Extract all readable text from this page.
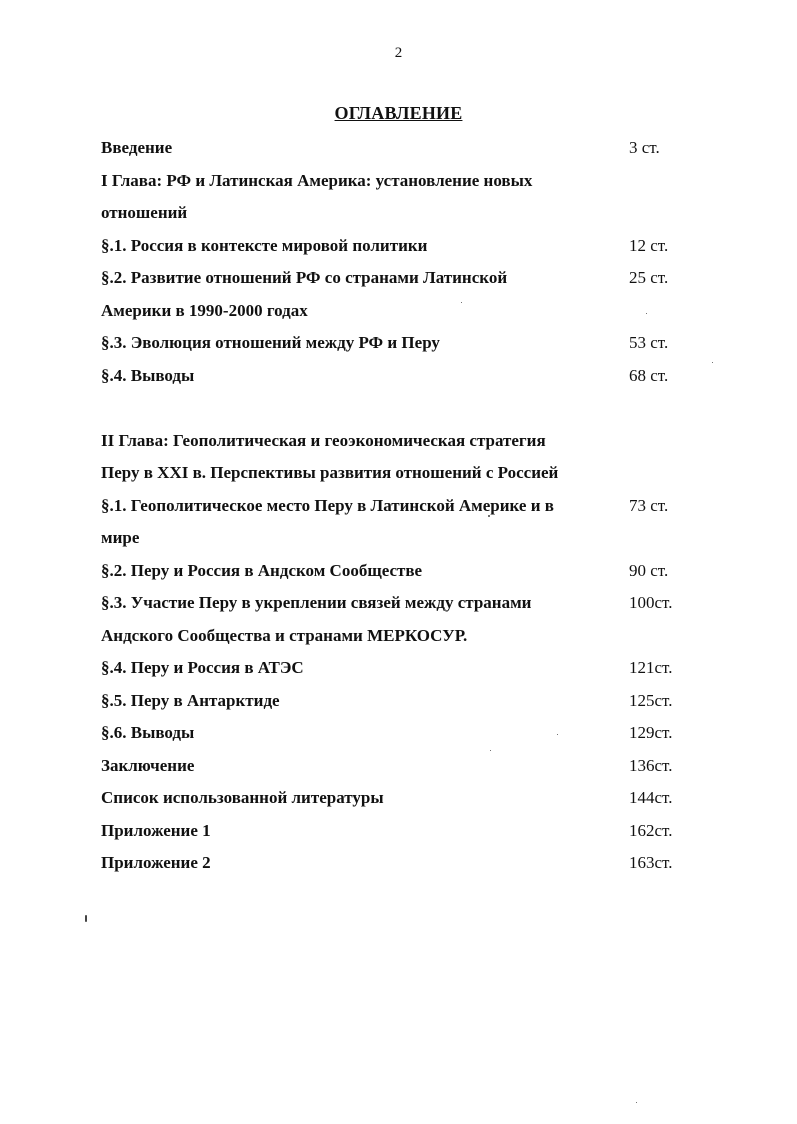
2
ОГЛАВЛЕНИЕ
Введение	3 ст.
I Глава: РФ и Латинская Америка: установление новых
отношений
§.1. Россия в контексте мировой политики	12 ст.
§.2. Развитие отношений РФ со странами Латинской	25 ст.
Америки в 1990-2000 годах
§.3. Эволюция отношений между РФ и Перу	53 ст.
§.4. Выводы	68 ст.
II Глава: Геополитическая и геоэкономическая стратегия
Перу в XXI в. Перспективы развития отношений с Россией
§.1. Геополитическое место Перу в Латинской Америке и в	73 ст.
мире
§.2. Перу и Россия в Андском Сообществе	90 ст.
§.3. Участие Перу в укреплении связей между странами	100ст.
Андского Сообщества и странами МЕРКОСУР.
§.4. Перу и Россия в АТЭС	121ст.
§.5. Перу в Антарктиде	125ст.
§.6. Выводы	129ст.
Заключение	136ст.
Список использованной литературы	144ст.
Приложение 1	162ст.
Приложение 2	163ст.
